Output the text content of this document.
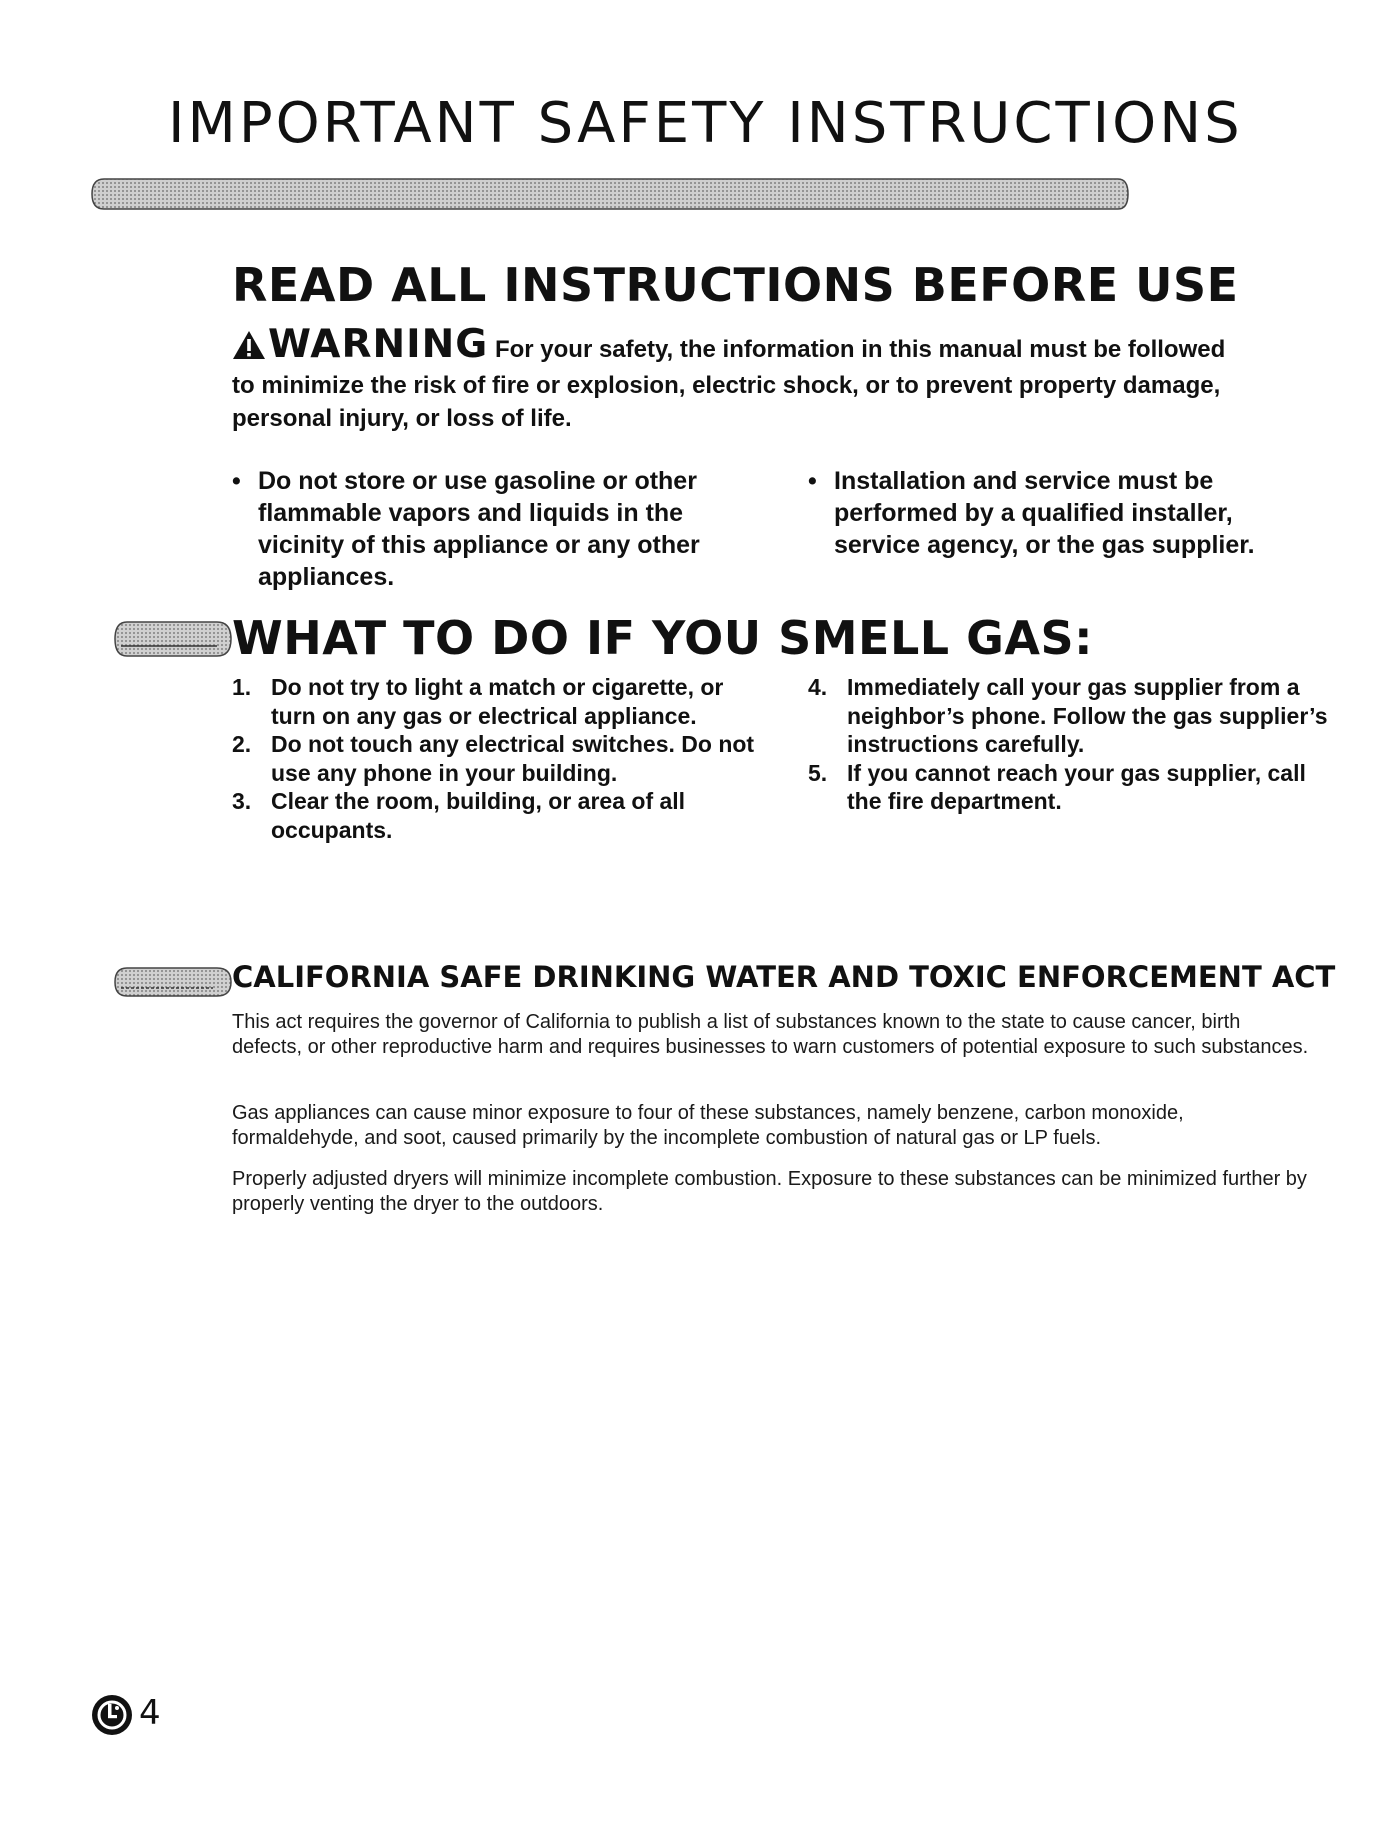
IMPORTANT SAFETY INSTRUCTIONS
READ ALL INSTRUCTIONS BEFORE USE
WARNING For your safety, the information in this manual must be followed to minimize the risk of fire or explosion, electric shock, or to prevent property damage, personal injury, or loss of life.
• Do not store or use gasoline or other flammable vapors and liquids in the vicinity of this appliance or any other appliances.
• Installation and service must be performed by a qualified installer, service agency, or the gas supplier.
WHAT TO DO IF YOU SMELL GAS:
1. Do not try to light a match or cigarette, or turn on any gas or electrical appliance.
2. Do not touch any electrical switches. Do not use any phone in your building.
3. Clear the room, building, or area of all occupants.
4. Immediately call your gas supplier from a neighbor’s phone. Follow the gas supplier’s instructions carefully.
5. If you cannot reach your gas supplier, call the fire department.
CALIFORNIA SAFE DRINKING WATER AND TOXIC ENFORCEMENT ACT
This act requires the governor of California to publish a list of substances known to the state to cause cancer, birth defects, or other reproductive harm and requires businesses to warn customers of potential exposure to such substances.
Gas appliances can cause minor exposure to four of these substances, namely benzene, carbon monoxide, formaldehyde, and soot, caused primarily by the incomplete combustion of natural gas or LP fuels.
Properly adjusted dryers will minimize incomplete combustion. Exposure to these substances can be minimized further by properly venting the dryer to the outdoors.
4
